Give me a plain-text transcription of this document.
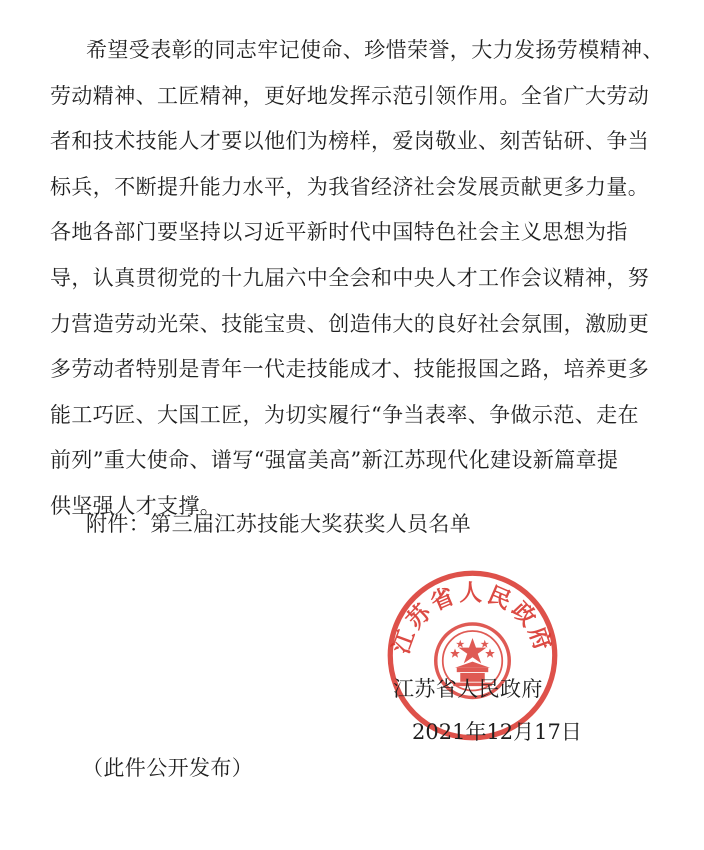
希望受表彰的同志牢记使命、珍惜荣誉，大力发扬劳模精神、
劳动精神、工匠精神，更好地发挥示范引领作用。全省广大劳动
者和技术技能人才要以他们为榜样，爱岗敬业、刻苦钻研、争当
标兵，不断提升能力水平，为我省经济社会发展贡献更多力量。
各地各部门要坚持以习近平新时代中国特色社会主义思想为指
导，认真贯彻党的十九届六中全会和中央人才工作会议精神，努
力营造劳动光荣、技能宝贵、创造伟大的良好社会氛围，激励更
多劳动者特别是青年一代走技能成才、技能报国之路，培养更多
能工巧匠、大国工匠，为切实履行“争当表率、争做示范、走在
前列”重大使命、谱写“强富美高”新江苏现代化建设新篇章提
供坚强人才支撑。
附件：第三届江苏技能大奖获奖人员名单
江苏省人民政府
江苏省人民政府
2021年12月17日
（此件公开发布）
